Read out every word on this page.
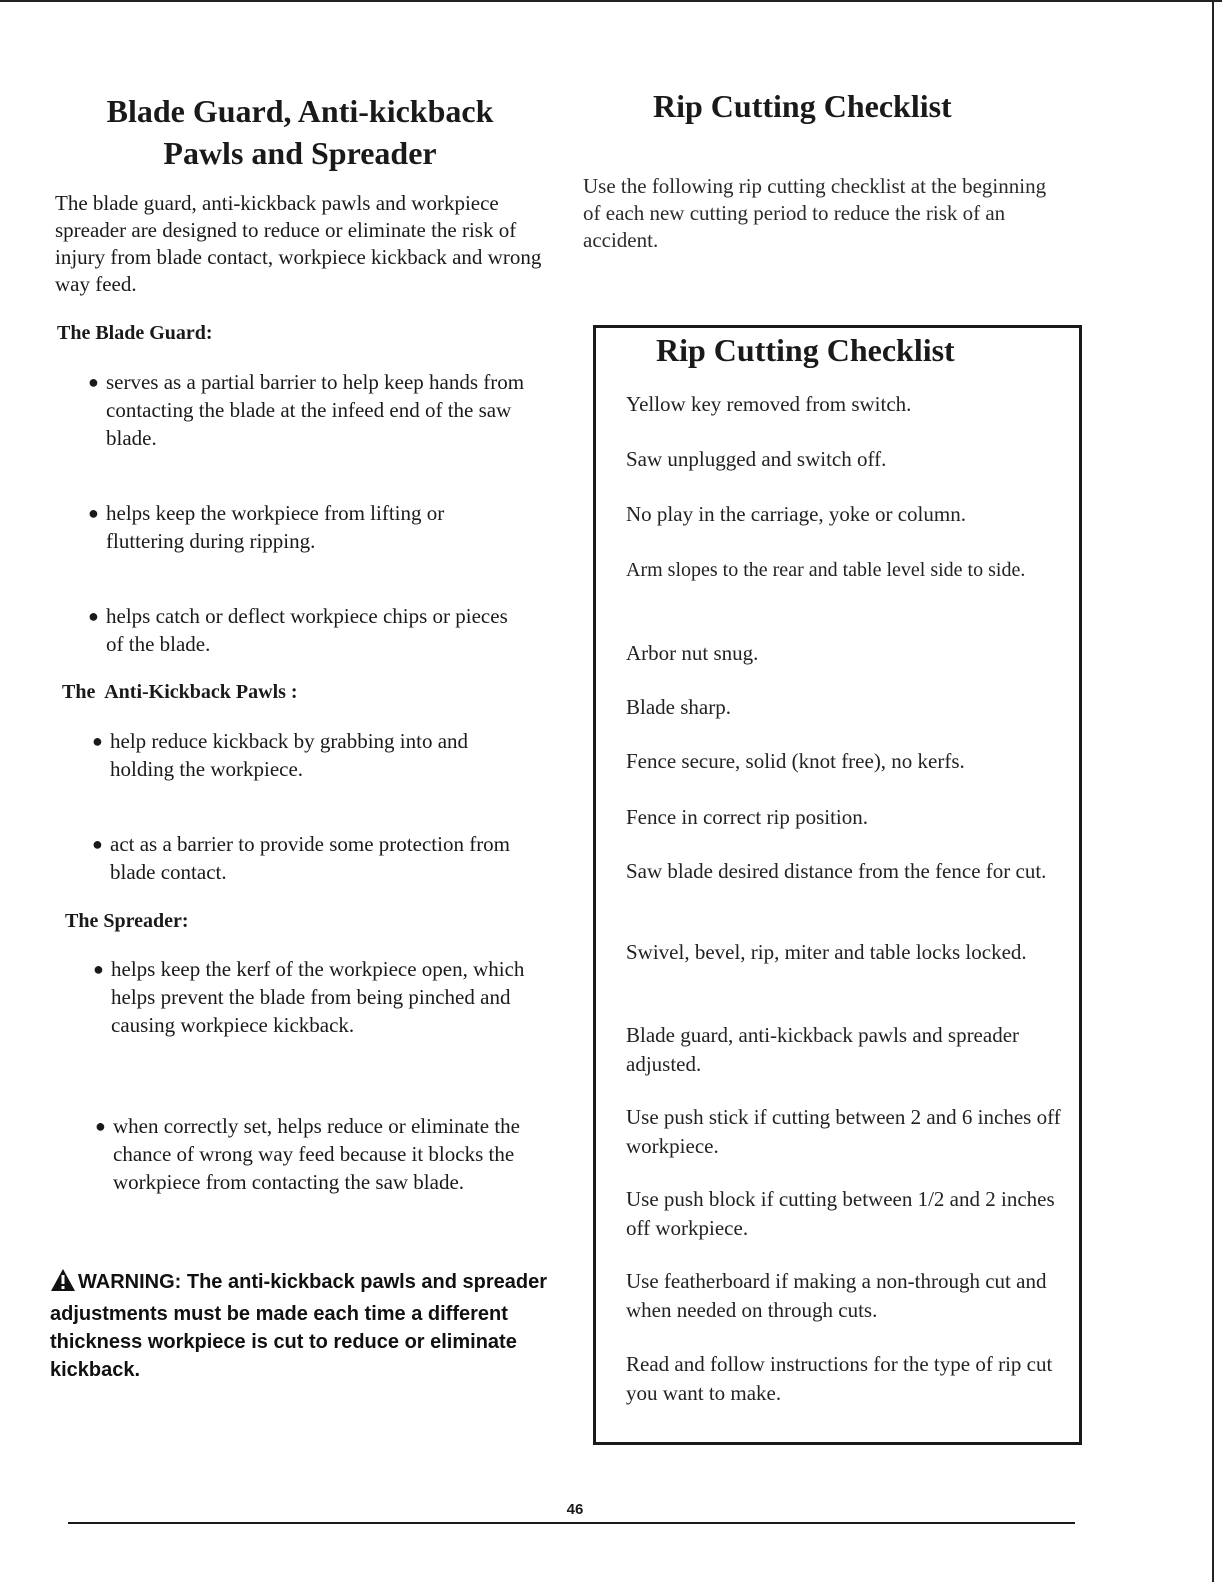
Blade Guard, Anti-kickback
Pawls and Spreader

The blade guard, anti-kickback pawls and workpiece spreader are designed to reduce or eliminate the risk of injury from blade contact, workpiece kickback and wrong way feed.

The Blade Guard:
● serves as a partial barrier to help keep hands from contacting the blade at the infeed end of the saw blade.
● helps keep the workpiece from lifting or fluttering during ripping.
● helps catch or deflect workpiece chips or pieces of the blade.
The  Anti-Kickback Pawls :
● help reduce kickback by grabbing into and holding the workpiece.
● act as a barrier to provide some protection from blade contact.
The Spreader:
● helps keep the kerf of the workpiece open, which helps prevent the blade from being pinched and causing workpiece kickback.
● when correctly set, helps reduce or eliminate the chance of wrong way feed because it blocks the workpiece from contacting the saw blade.
WARNING: The anti-kickback pawls and spreader adjustments must be made each time a different thickness workpiece is cut to reduce or eliminate kickback.
Rip Cutting Checklist

Use the following rip cutting checklist at the beginning of each new cutting period to reduce the risk of an accident.

Rip Cutting Checklist
Yellow key removed from switch.
Saw unplugged and switch off.
No play in the carriage, yoke or column.
Arm slopes to the rear and table level side to side.
Arbor nut snug.
Blade sharp.
Fence secure, solid (knot free), no kerfs.
Fence in correct rip position.
Saw blade desired distance from the fence for cut.
Swivel, bevel, rip, miter and table locks locked.
Blade guard, anti-kickback pawls and spreader adjusted.
Use push stick if cutting between 2 and 6 inches off workpiece.
Use push block if cutting between 1/2 and 2 inches off workpiece.
Use featherboard if making a non-through cut and when needed on through cuts.
Read and follow instructions for the type of rip cut you want to make.
46
